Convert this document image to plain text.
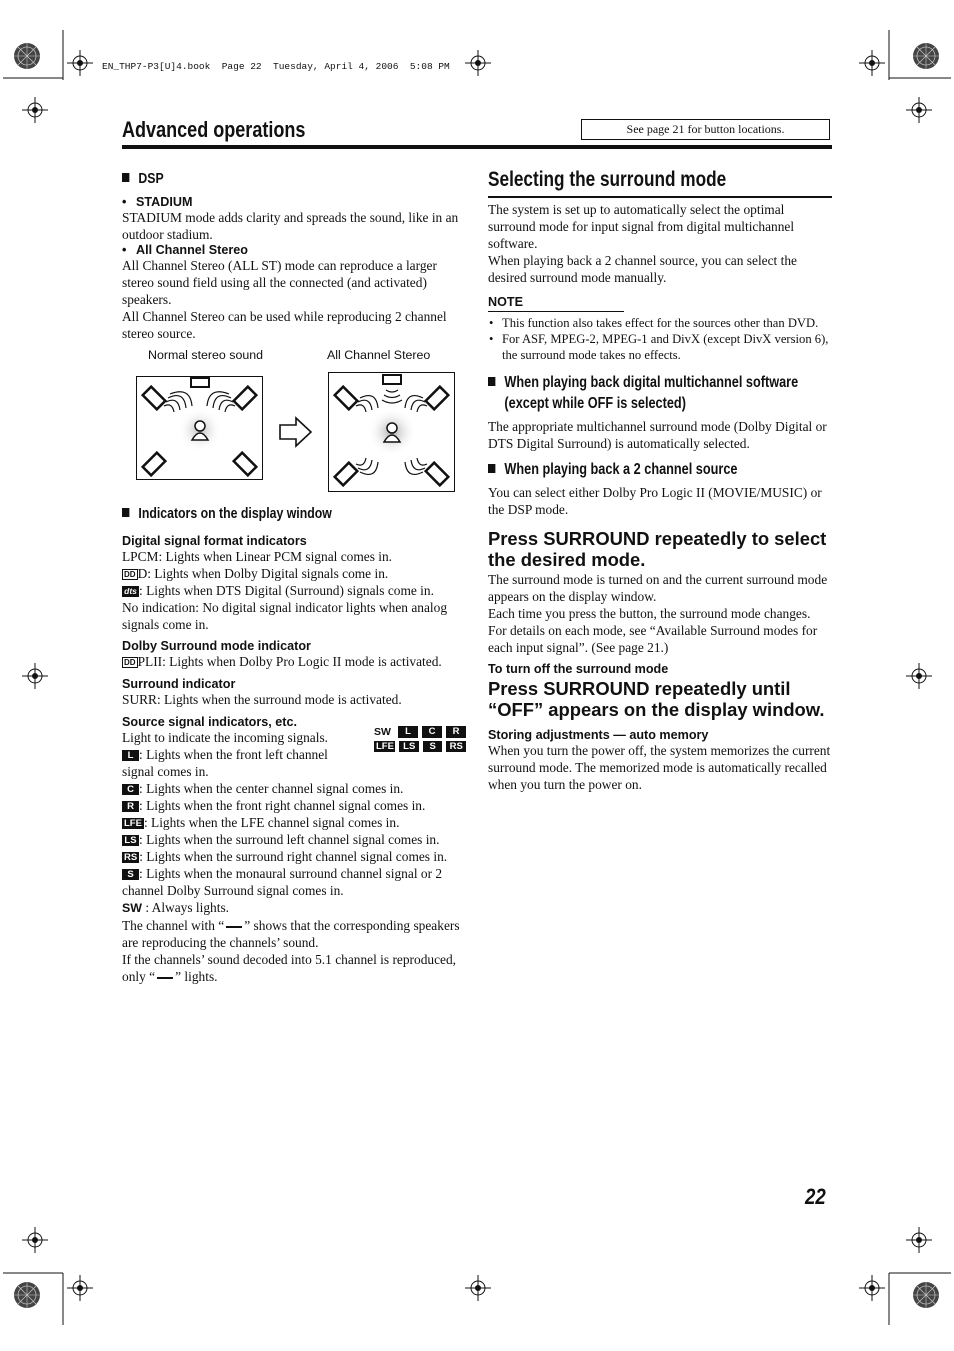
EN_THP7-P3[U]4.book  Page 22  Tuesday, April 4, 2006  5:08 PM
Advanced operations	See page 21 for button locations.
DSP
• STADIUM
STADIUM mode adds clarity and spreads the sound, like in an outdoor stadium.
• All Channel Stereo
All Channel Stereo (ALL ST) mode can reproduce a larger stereo sound field using all the connected (and activated) speakers.
All Channel Stereo can be used while reproducing 2 channel stereo source.
Normal stereo sound	All Channel Stereo
Indicators on the display window
Digital signal format indicators
LPCM: Lights when Linear PCM signal comes in.
DD D: Lights when Dolby Digital signals come in.
dts : Lights when DTS Digital (Surround) signals come in.
No indication: No digital signal indicator lights when analog signals come in.
Dolby Surround mode indicator
DD PLII: Lights when Dolby Pro Logic II mode is activated.
Surround indicator
SURR: Lights when the surround mode is activated.
Source signal indicators, etc.
Light to indicate the incoming signals.
L : Lights when the front left channel signal comes in.
C : Lights when the center channel signal comes in.
R : Lights when the front right channel signal comes in.
LFE : Lights when the LFE channel signal comes in.
LS : Lights when the surround left channel signal comes in.
RS : Lights when the surround right channel signal comes in.
S : Lights when the monaural surround channel signal or 2 channel Dolby Surround signal comes in.
SW : Always lights.
The channel with “ ” shows that the corresponding speakers are reproducing the channels’ sound.
If the channels’ sound decoded into 5.1 channel is reproduced, only “ ” lights.
SW	L	C	R
LFE LS	S	RS
Selecting the surround mode
The system is set up to automatically select the optimal surround mode for input signal from digital multichannel software.
When playing back a 2 channel source, you can select the desired surround mode manually.
NOTE
• This function also takes effect for the sources other than DVD.
• For ASF, MPEG-2, MPEG-1 and DivX (except DivX version 6), the surround mode takes no effects.
When playing back digital multichannel software
(except while OFF is selected)
The appropriate multichannel surround mode (Dolby Digital or DTS Digital Surround) is automatically selected.
When playing back a 2 channel source
You can select either Dolby Pro Logic II (MOVIE/MUSIC) or the DSP mode.
Press SURROUND repeatedly to select the desired mode.
The surround mode is turned on and the current surround mode appears on the display window.
Each time you press the button, the surround mode changes.
For details on each mode, see “Available Surround modes for each input signal”. (See page 21.)
To turn off the surround mode
Press SURROUND repeatedly until “OFF” appears on the display window.
Storing adjustments — auto memory
When you turn the power off, the system memorizes the current surround mode. The memorized mode is automatically recalled when you turn the power on.
22
